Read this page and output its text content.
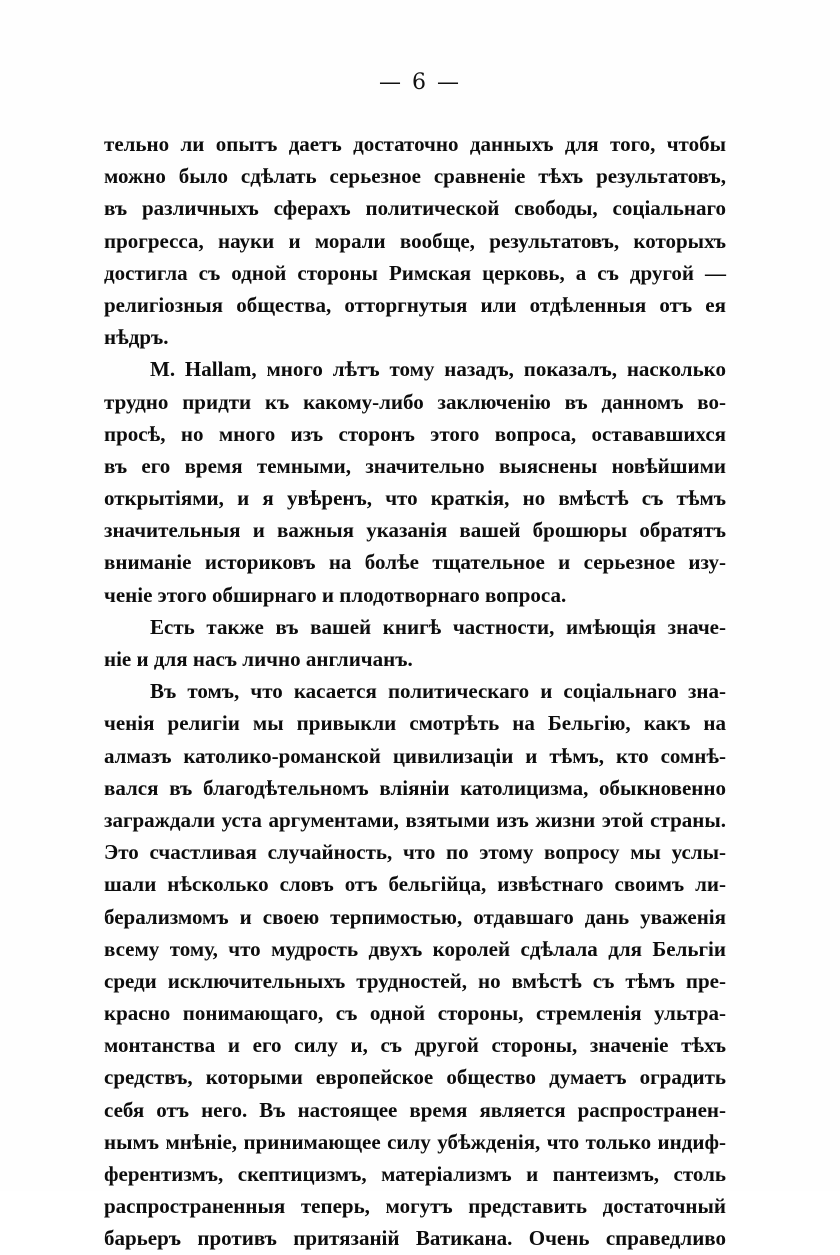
— 6 —
тельно ли опытъ даетъ достаточно данныхъ для того, чтобы
можно было сдѣлать серьезное сравненіе тѣхъ результатовъ,
въ различныхъ сферахъ политической свободы, соціальнаго
прогресса, науки и морали вообще, результатовъ, которыхъ
достигла съ одной стороны Римская церковь, а съ другой —
религіозныя общества, отторгнутыя или отдѣленныя отъ ея
нѣдръ.
M. Hallam, много лѣтъ тому назадъ, показалъ, насколько
трудно придти къ какому-либо заключенію въ данномъ во-
просѣ, но много изъ сторонъ этого вопроса, остававшихся
въ его время темными, значительно выяснены новѣйшими
открытіями, и я увѣренъ, что краткія, но вмѣстѣ съ тѣмъ
значительныя и важныя указанія вашей брошюры обратятъ
вниманіе историковъ на болѣе тщательное и серьезное изу-
ченіе этого обширнаго и плодотворнаго вопроса.
Есть также въ вашей книгѣ частности, имѣющія значе-
ніе и для насъ лично англичанъ.
Въ томъ, что касается политическаго и соціальнаго зна-
ченія религіи мы привыкли смотрѣть на Бельгію, какъ на
алмазъ католико-романской цивилизаціи и тѣмъ, кто сомнѣ-
вался въ благодѣтельномъ вліяніи католицизма, обыкновенно
заграждали уста аргументами, взятыми изъ жизни этой страны.
Это счастливая случайность, что по этому вопросу мы услы-
шали нѣсколько словъ отъ бельгійца, извѣстнаго своимъ ли-
берализмомъ и своею терпимостью, отдавшаго дань уваженія
всему тому, что мудрость двухъ королей сдѣлала для Бельгіи
среди исключительныхъ трудностей, но вмѣстѣ съ тѣмъ пре-
красно понимающаго, съ одной стороны, стремленія ультра-
монтанства и его силу и, съ другой стороны, значеніе тѣхъ
средствъ, которыми европейское общество думаетъ оградить
себя отъ него. Въ настоящее время является распространен-
нымъ мнѣніе, принимающее силу убѣжденія, что только индиф-
ферентизмъ, скептицизмъ, матеріализмъ и пантеизмъ, столь
распространенныя теперь, могутъ представить достаточный
барьеръ противъ притязаній Ватикана. Очень справедливо
